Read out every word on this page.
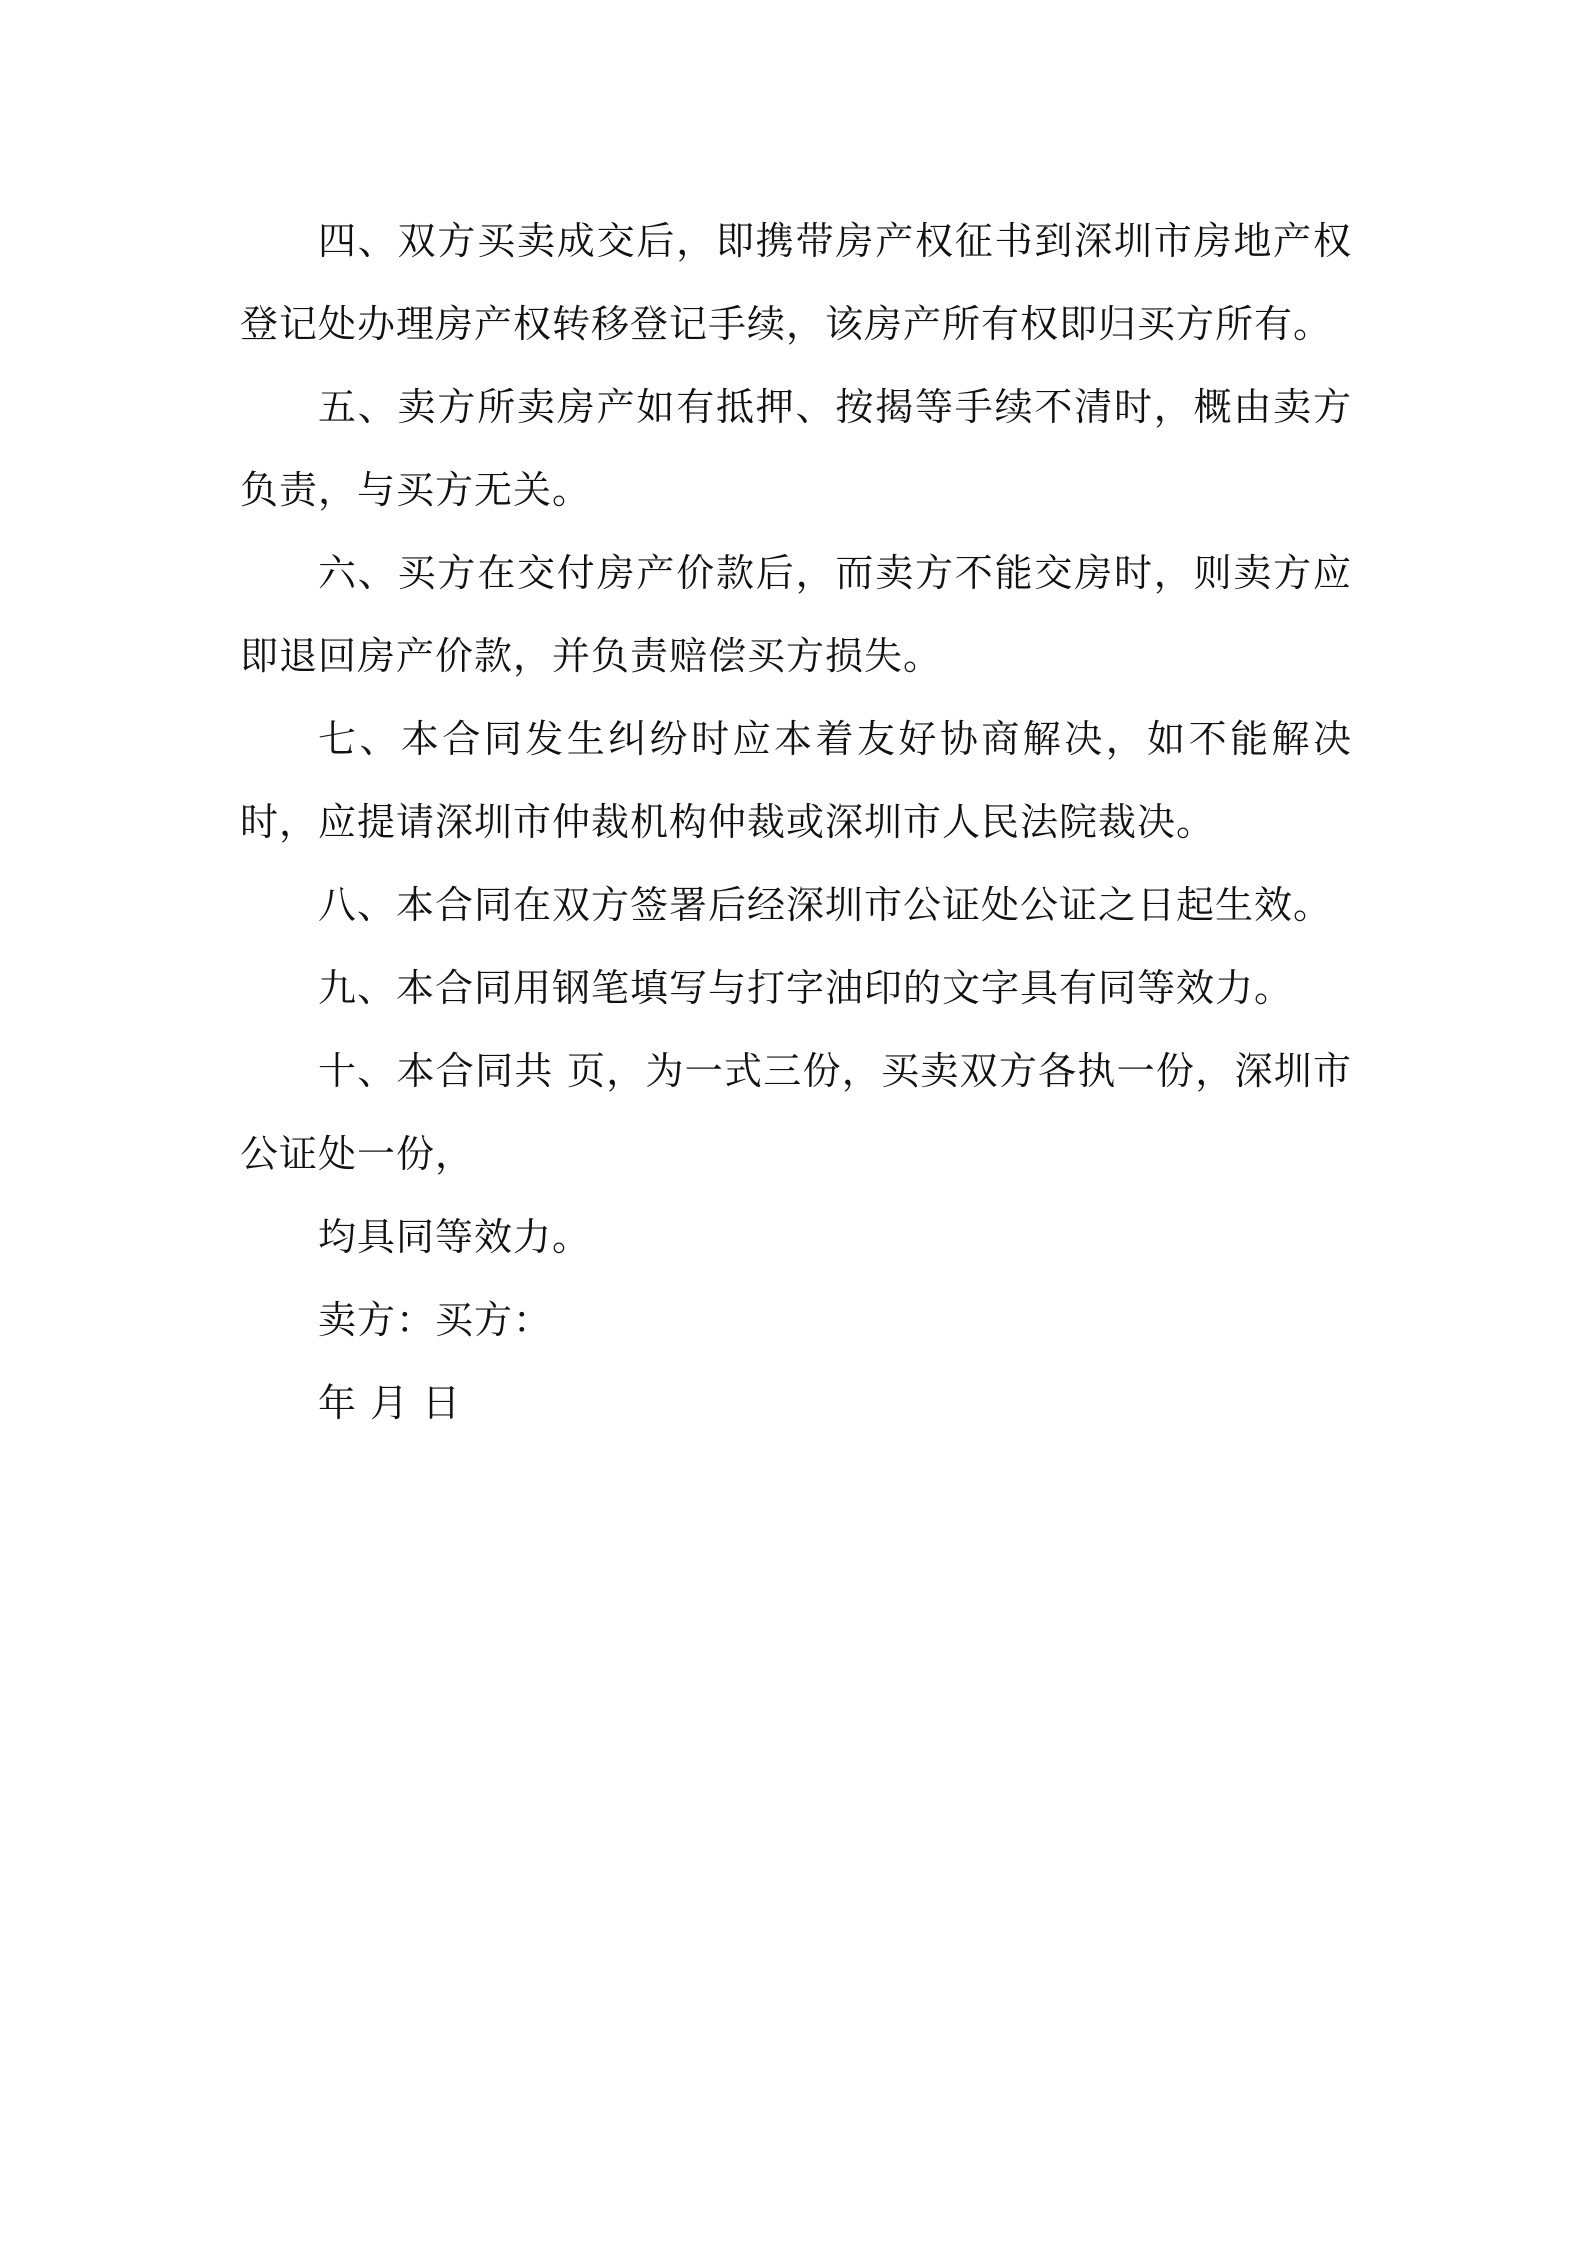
四、双方买卖成交后，即携带房产权征书到深圳市房地产权登记处办理房产权转移登记手续，该房产所有权即归买方所有。

五、卖方所卖房产如有抵押、按揭等手续不清时，概由卖方负责，与买方无关。

六、买方在交付房产价款后，而卖方不能交房时，则卖方应即退回房产价款，并负责赔偿买方损失。

七、本合同发生纠纷时应本着友好协商解决，如不能解决时，应提请深圳市仲裁机构仲裁或深圳市人民法院裁决。

八、本合同在双方签署后经深圳市公证处公证之日起生效。

九、本合同用钢笔填写与打字油印的文字具有同等效力。

十、本合同共 页，为一式三份，买卖双方各执一份，深圳市公证处一份，

均具同等效力。

卖方：买方：

年 月 日
